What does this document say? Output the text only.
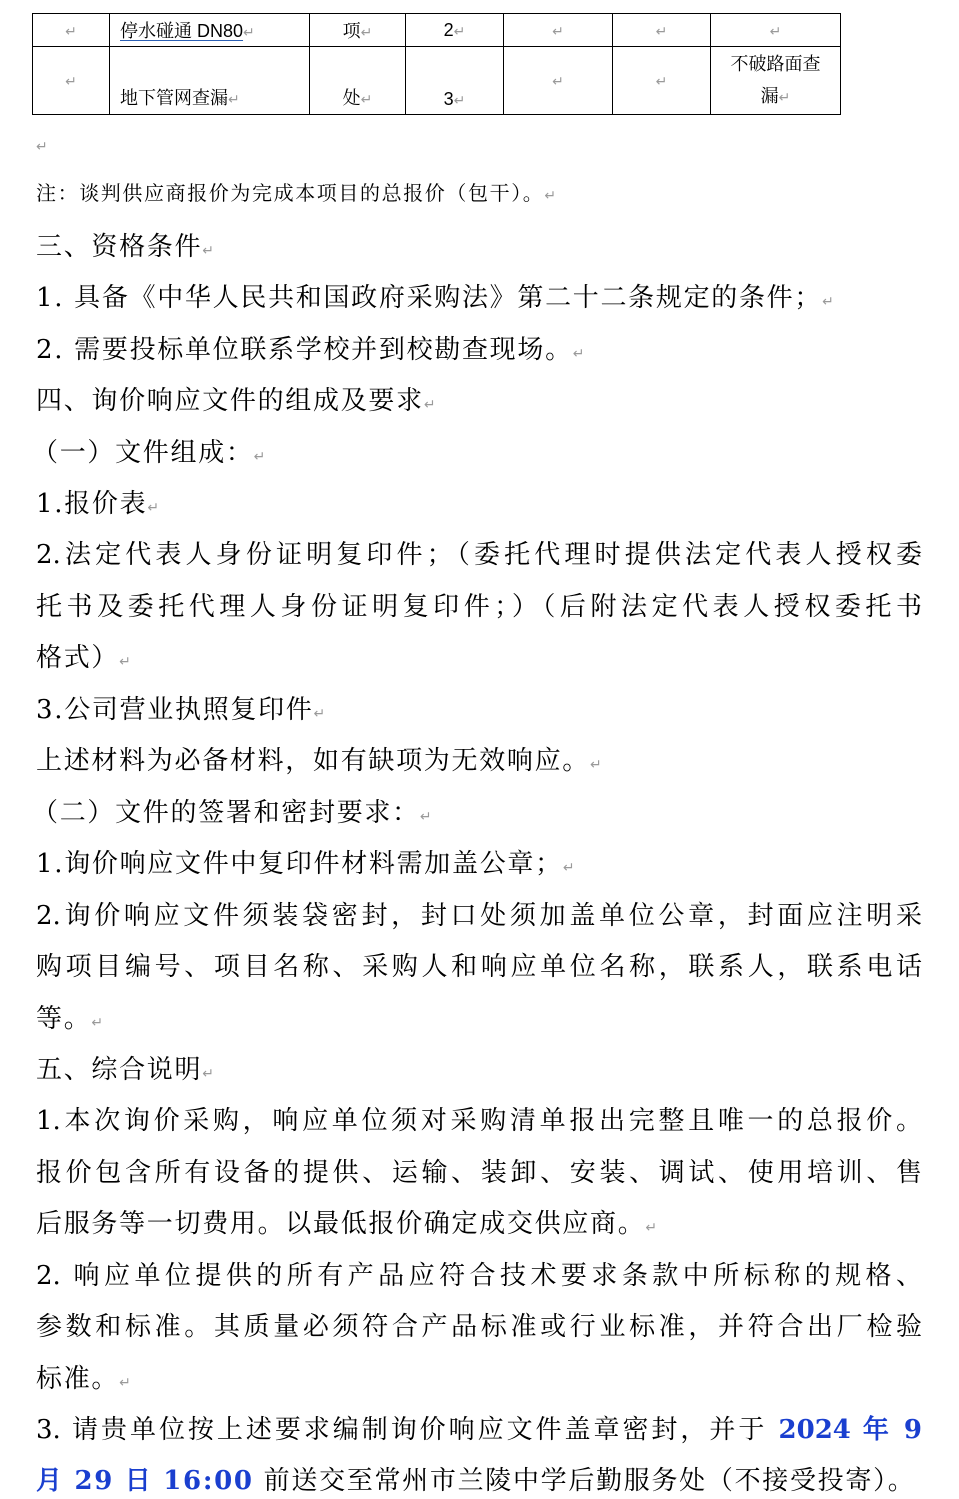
↵	停水碰通 DN80↵	项↵	2↵	↵	↵	↵
↵	地下管网查漏↵	处↵	3↵	↵	↵	不破路面查
漏↵
↵
注：谈判供应商报价为完成本项目的总报价（包干）。↵
三、资格条件↵
1. 具备《中华人民共和国政府采购法》第二十二条规定的条件；↵
2. 需要投标单位联系学校并到校勘查现场。↵
四、询价响应文件的组成及要求↵
（一）文件组成：↵
1.报价表↵
2.法定代表人身份证明复印件；（委托代理时提供法定代表人授权委
托书及委托代理人身份证明复印件；）（后附法定代表人授权委托书
格式）↵
3.公司营业执照复印件↵
上述材料为必备材料，如有缺项为无效响应。↵
（二）文件的签署和密封要求：↵
1.询价响应文件中复印件材料需加盖公章；↵
2.询价响应文件须装袋密封，封口处须加盖单位公章，封面应注明采
购项目编号、项目名称、采购人和响应单位名称，联系人，联系电话
等。↵
五、综合说明↵
1.本次询价采购，响应单位须对采购清单报出完整且唯一的总报价。
报价包含所有设备的提供、运输、装卸、安装、调试、使用培训、售
后服务等一切费用。以最低报价确定成交供应商。↵
2. 响应单位提供的所有产品应符合技术要求条款中所标称的规格、
参数和标准。其质量必须符合产品标准或行业标准，并符合出厂检验
标准。↵
3. 请贵单位按上述要求编制询价响应文件盖章密封，并于 2024 年 9
月 29 日 16:00 前送交至常州市兰陵中学后勤服务处（不接受投寄）。
